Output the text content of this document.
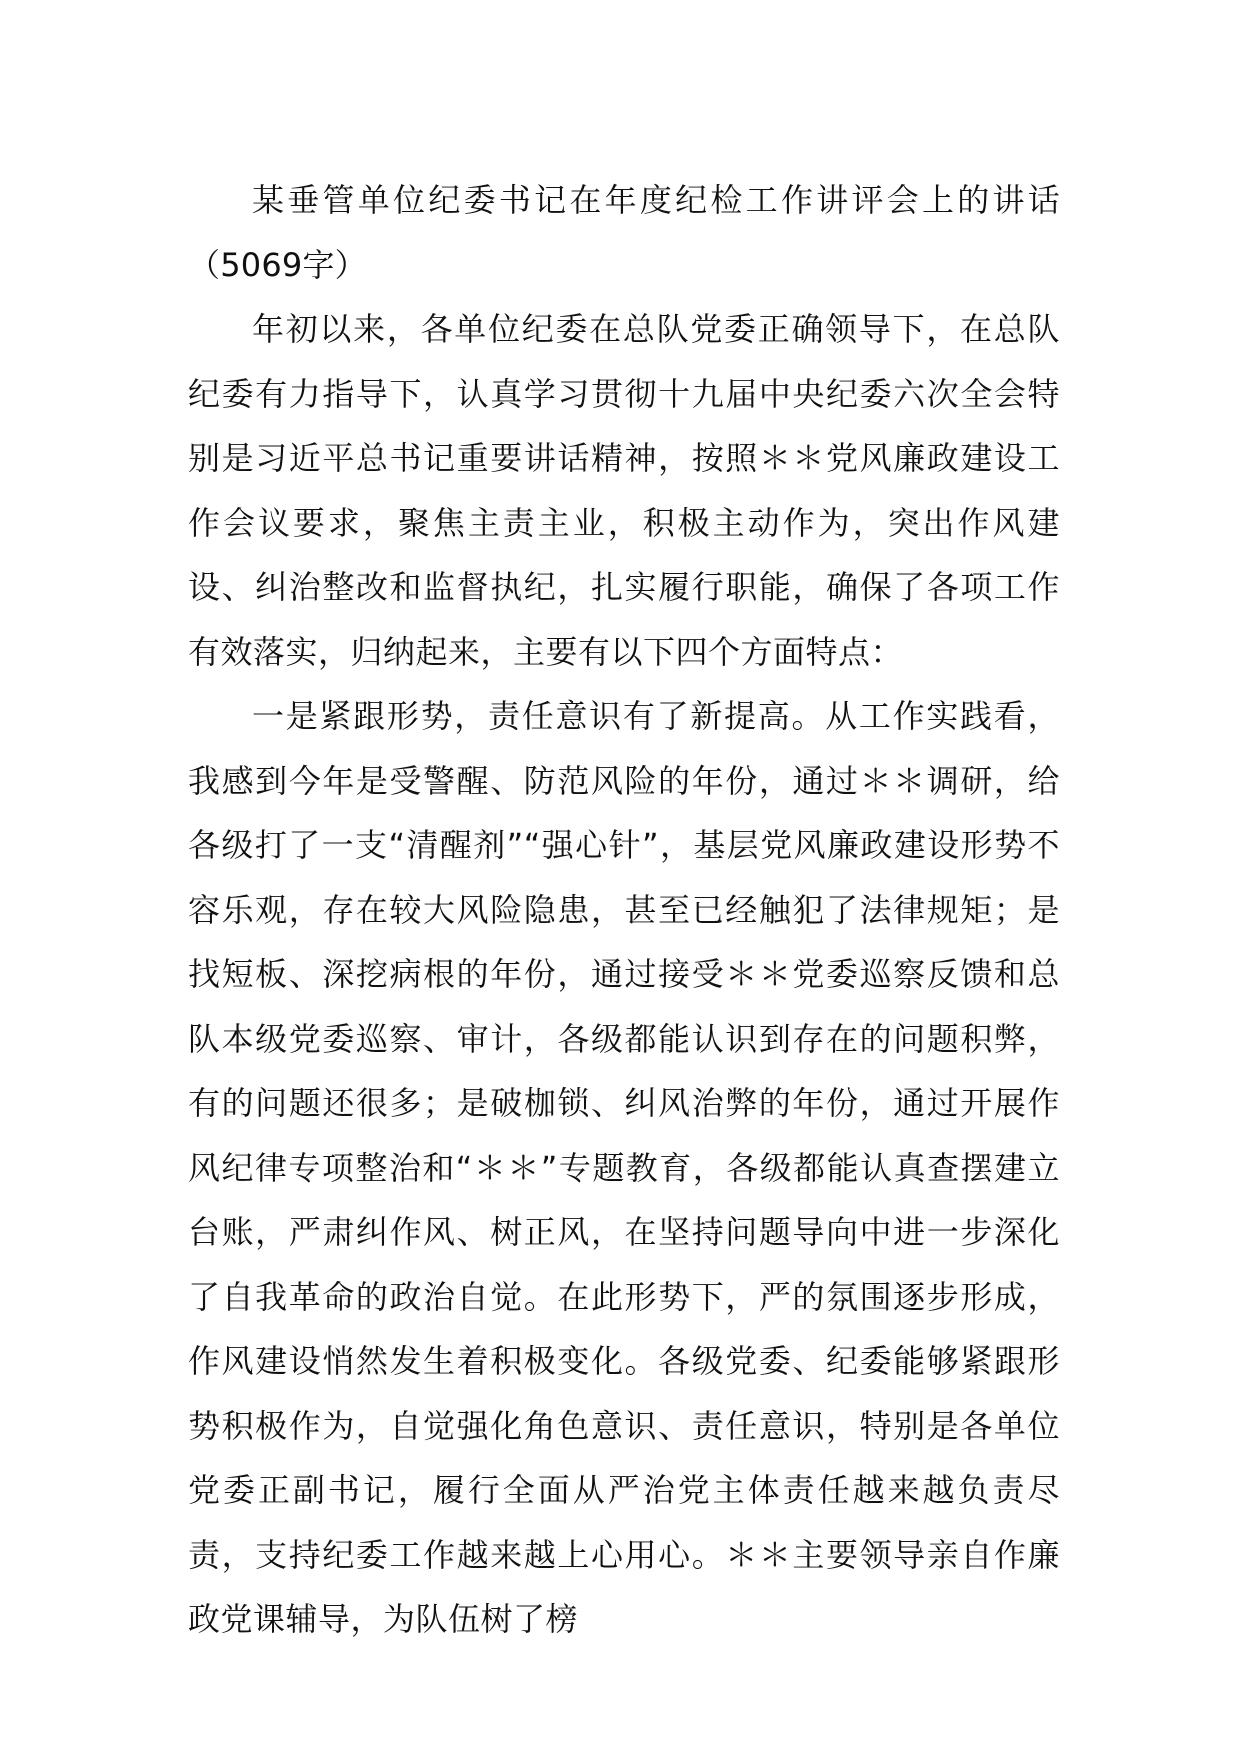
某垂管单位纪委书记在年度纪检工作讲评会上的讲话（5069字）

年初以来，各单位纪委在总队党委正确领导下，在总队纪委有力指导下，认真学习贯彻十九届中央纪委六次全会特别是习近平总书记重要讲话精神，按照＊＊党风廉政建设工作会议要求，聚焦主责主业，积极主动作为，突出作风建设、纠治整改和监督执纪，扎实履行职能，确保了各项工作有效落实，归纳起来，主要有以下四个方面特点：

一是紧跟形势，责任意识有了新提高。从工作实践看，我感到今年是受警醒、防范风险的年份，通过＊＊调研，给各级打了一支“清醒剂”“强心针”，基层党风廉政建设形势不容乐观，存在较大风险隐患，甚至已经触犯了法律规矩；是找短板、深挖病根的年份，通过接受＊＊党委巡察反馈和总队本级党委巡察、审计，各级都能认识到存在的问题积弊，有的问题还很多；是破枷锁、纠风治弊的年份，通过开展作风纪律专项整治和“＊＊”专题教育，各级都能认真查摆建立台账，严肃纠作风、树正风，在坚持问题导向中进一步深化了自我革命的政治自觉。在此形势下，严的氛围逐步形成，作风建设悄然发生着积极变化。各级党委、纪委能够紧跟形势积极作为，自觉强化角色意识、责任意识，特别是各单位党委正副书记，履行全面从严治党主体责任越来越负责尽责，支持纪委工作越来越上心用心。＊＊主要领导亲自作廉政党课辅导，为队伍树了榜
